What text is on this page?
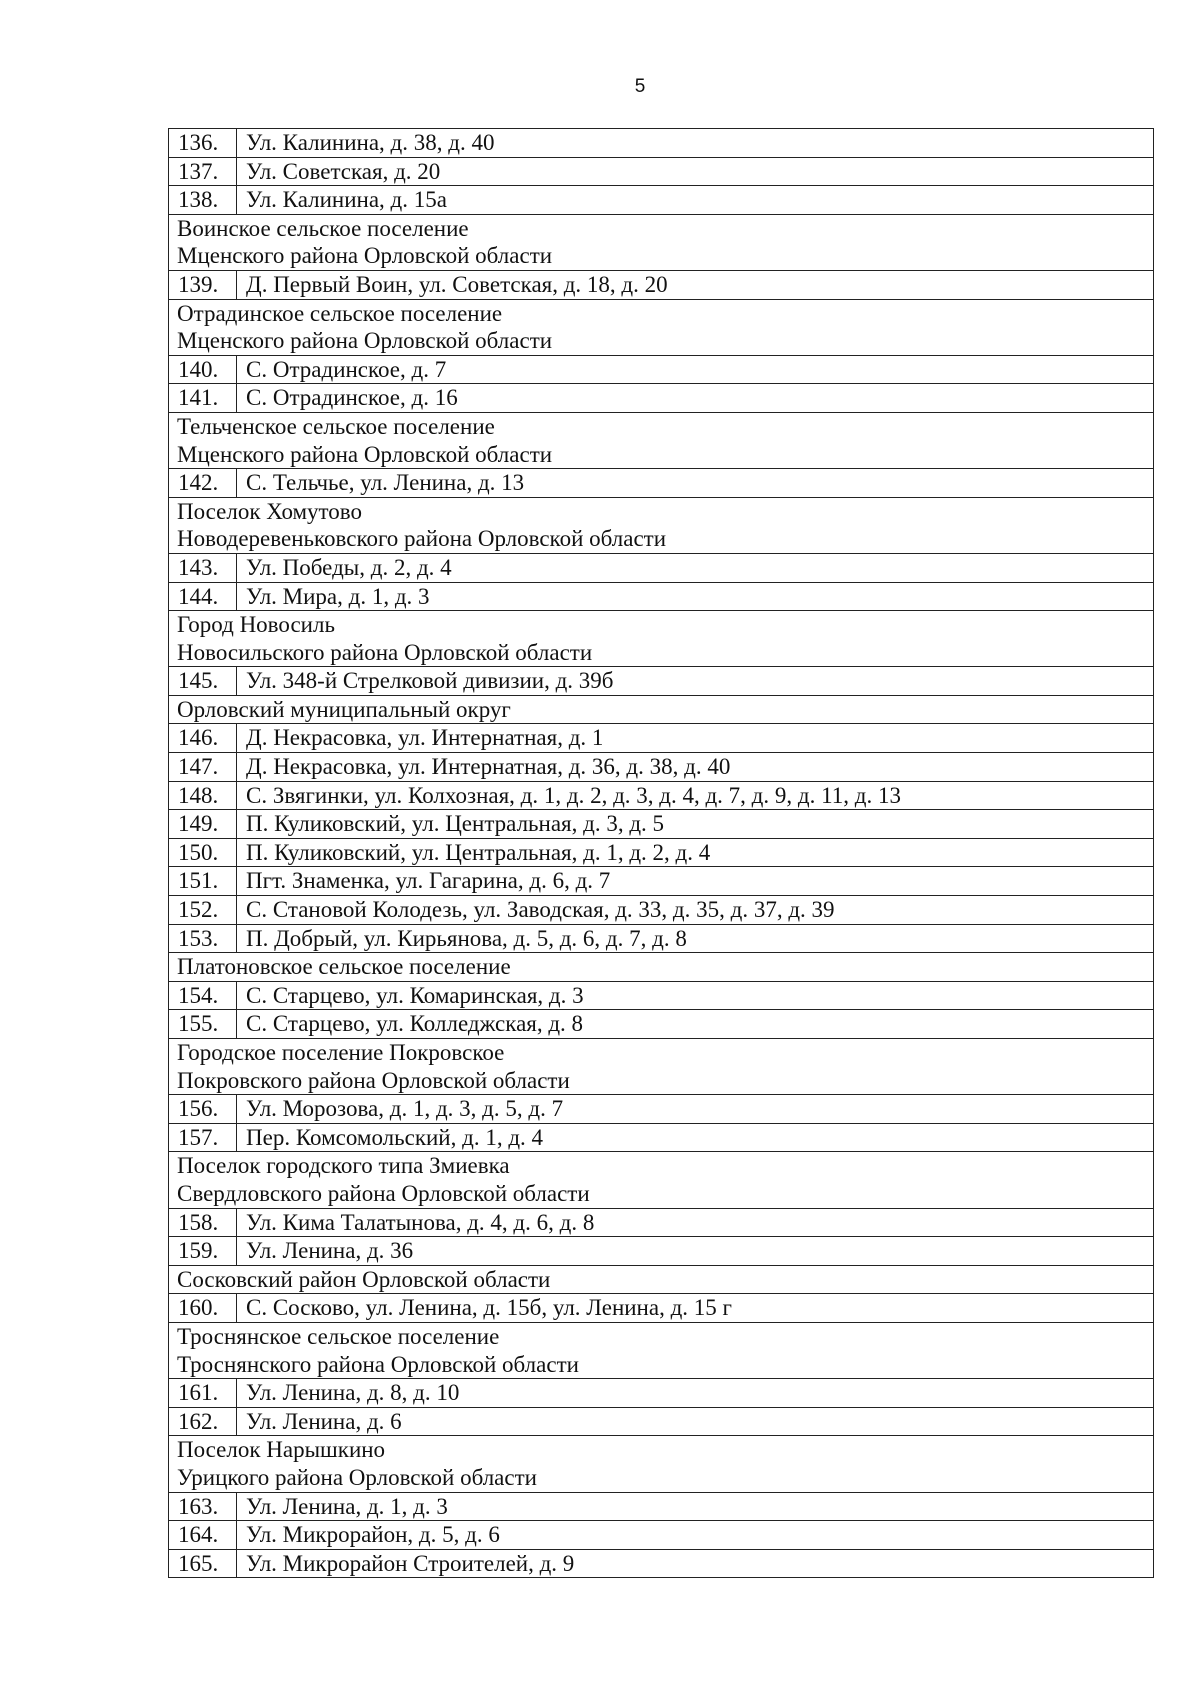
5
136.	Ул. Калинина, д. 38, д. 40
137.	Ул. Советская, д. 20
138.	Ул. Калинина, д. 15а

Воинское сельское поселение
Мценского района Орловской области	

139.	Д. Первый Воин, ул. Советская, д. 18, д. 20

Отрадинское сельское поселение
Мценского района Орловской области	

140.	С. Отрадинское, д. 7
141.	С. Отрадинское, д. 16

Тельченское сельское поселение
Мценского района Орловской области	

142.	С. Тельчье, ул. Ленина, д. 13

Поселок Хомутово
Новодеревеньковского района Орловской области	

143.	Ул. Победы, д. 2, д. 4
144.	Ул. Мира, д. 1, д. 3

Город Новосиль
Новосильского района Орловской области	

145.	Ул. 348-й Стрелковой дивизии, д. 39б

Орловский муниципальный округ	

146.	Д. Некрасовка, ул. Интернатная, д. 1
147.	Д. Некрасовка, ул. Интернатная, д. 36, д. 38, д. 40
148.	С. Звягинки, ул. Колхозная, д. 1, д. 2, д. 3, д. 4, д. 7, д. 9, д. 11, д. 13
149.	П. Куликовский, ул. Центральная, д. 3, д. 5
150.	П. Куликовский, ул. Центральная, д. 1, д. 2, д. 4
151.	Пгт. Знаменка, ул. Гагарина, д. 6, д. 7
152.	С. Становой Колодезь, ул. Заводская, д. 33, д. 35, д. 37, д. 39
153.	П. Добрый, ул. Кирьянова, д. 5, д. 6, д. 7, д. 8

Платоновское сельское поселение	

154.	С. Старцево, ул. Комаринская, д. 3
155.	С. Старцево, ул. Колледжская, д. 8

Городское поселение Покровское
Покровского района Орловской области	

156.	Ул. Морозова, д. 1, д. 3, д. 5, д. 7
157.	Пер. Комсомольский, д. 1, д. 4

Поселок городского типа Змиевка
Свердловского района Орловской области	

158.	Ул. Кима Талатынова, д. 4, д. 6, д. 8
159.	Ул. Ленина, д. 36

Сосковский район Орловской области	

160.	С. Сосково, ул. Ленина, д. 15б, ул. Ленина, д. 15 г

Троснянское сельское поселение
Троснянского района Орловской области	

161.	Ул. Ленина, д. 8, д. 10
162.	Ул. Ленина, д. 6

Поселок Нарышкино
Урицкого района Орловской области	

163.	Ул. Ленина, д. 1, д. 3
164.	Ул. Микрорайон, д. 5, д. 6
165.	Ул. Микрорайон Строителей, д. 9
